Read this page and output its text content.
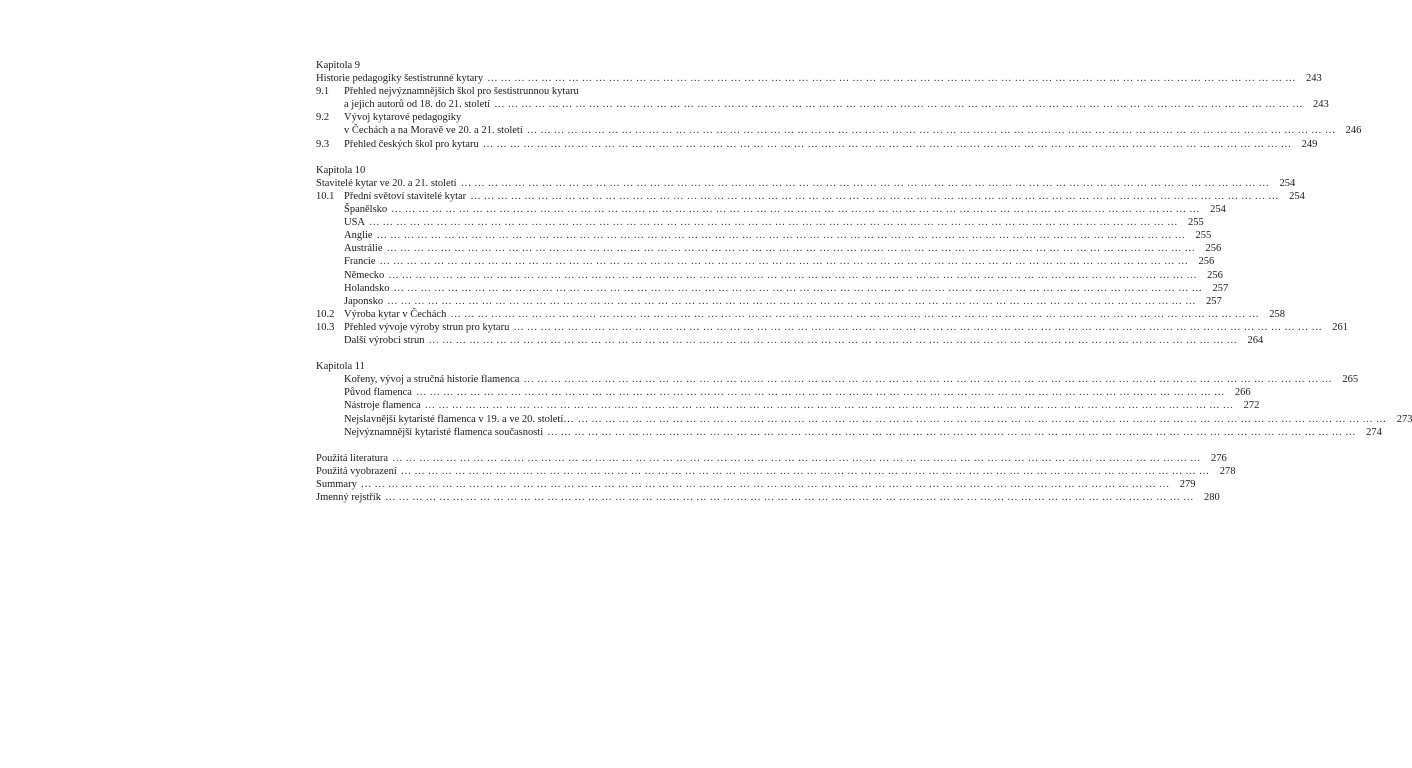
Kapitola 9
Historie pedagogiky šestistrunné kytary … … … … … … … … … … … … … … … … … … … … … … … … … … … … … … … … … … … … … … … … … … … … … … … … … … … … … … … … … … … … 243
9.1 Přehled nejvýznamnějších škol pro šestistrunnou kytaru
a jejich autorů od 18. do 21. století … … … … … … … … … … … … … … … … … … … … … … … … … … … … … … … … … … … … … … … … … … … … … … … … … … … … … … … … … … … … 243
9.2 Vývoj kytarové pedagogiky
v Čechách a na Moravě ve 20. a 21. století … … … … … … … … … … … … … … … … … … … … … … … … … … … … … … … … … … … … … … … … … … … … … … … … … … … … … … … … … … … … 246
9.3 Přehled českých škol pro kytaru … … … … … … … … … … … … … … … … … … … … … … … … … … … … … … … … … … … … … … … … … … … … … … … … … … … … … … … … … … … … 249
Kapitola 10
Stavitelé kytar ve 20. a 21. století … … … … … … … … … … … … … … … … … … … … … … … … … … … … … … … … … … … … … … … … … … … … … … … … … … … … … … … … … … … … 254
10.1 Přední světoví stavitelé kytar … … … … … … … … … … … … … … … … … … … … … … … … … … … … … … … … … … … … … … … … … … … … … … … … … … … … … … … … … … … … 254
Španělsko … … … … … … … … … … … … … … … … … … … … … … … … … … … … … … … … … … … … … … … … … … … … … … … … … … … … … … … … … … … … 254
USA … … … … … … … … … … … … … … … … … … … … … … … … … … … … … … … … … … … … … … … … … … … … … … … … … … … … … … … … … … … … 255
Anglie … … … … … … … … … … … … … … … … … … … … … … … … … … … … … … … … … … … … … … … … … … … … … … … … … … … … … … … … … … … … 255
Austrálie … … … … … … … … … … … … … … … … … … … … … … … … … … … … … … … … … … … … … … … … … … … … … … … … … … … … … … … … … … … … 256
Francie … … … … … … … … … … … … … … … … … … … … … … … … … … … … … … … … … … … … … … … … … … … … … … … … … … … … … … … … … … … … 256
Německo … … … … … … … … … … … … … … … … … … … … … … … … … … … … … … … … … … … … … … … … … … … … … … … … … … … … … … … … … … … … 256
Holandsko … … … … … … … … … … … … … … … … … … … … … … … … … … … … … … … … … … … … … … … … … … … … … … … … … … … … … … … … … … … … 257
Japonsko … … … … … … … … … … … … … … … … … … … … … … … … … … … … … … … … … … … … … … … … … … … … … … … … … … … … … … … … … … … … 257
10.2 Výroba kytar v Čechách … … … … … … … … … … … … … … … … … … … … … … … … … … … … … … … … … … … … … … … … … … … … … … … … … … … … … … … … … … … … 258
10.3 Přehled vývoje výroby strun pro kytaru … … … … … … … … … … … … … … … … … … … … … … … … … … … … … … … … … … … … … … … … … … … … … … … … … … … … … … … … … … … … 261
Další výrobci strun … … … … … … … … … … … … … … … … … … … … … … … … … … … … … … … … … … … … … … … … … … … … … … … … … … … … … … … … … … … … 264
Kapitola 11
Kořeny, vývoj a stručná historie flamenca … … … … … … … … … … … … … … … … … … … … … … … … … … … … … … … … … … … … … … … … … … … … … … … … … … … … … … … … … … … … 265
Původ flamenca … … … … … … … … … … … … … … … … … … … … … … … … … … … … … … … … … … … … … … … … … … … … … … … … … … … … … … … … … … … … 266
Nástroje flamenca … … … … … … … … … … … … … … … … … … … … … … … … … … … … … … … … … … … … … … … … … … … … … … … … … … … … … … … … … … … … 272
Nejslavnější kytaristé flamenca v 19. a ve 20. století… … … … … … … … … … … … … … … … … … … … … … … … … … … … … … … … … … … … … … … … … … … … … … … … … … … … … … … … … … … … … 273
Nejvýznamnější kytaristé flamenca současnosti … … … … … … … … … … … … … … … … … … … … … … … … … … … … … … … … … … … … … … … … … … … … … … … … … … … … … … … … … … … … 274
Použitá literatura … … … … … … … … … … … … … … … … … … … … … … … … … … … … … … … … … … … … … … … … … … … … … … … … … … … … … … … … … … … … 276
Použitá vyobrazení … … … … … … … … … … … … … … … … … … … … … … … … … … … … … … … … … … … … … … … … … … … … … … … … … … … … … … … … … … … … 278
Summary … … … … … … … … … … … … … … … … … … … … … … … … … … … … … … … … … … … … … … … … … … … … … … … … … … … … … … … … … … … … 279
Jmenný rejstřík … … … … … … … … … … … … … … … … … … … … … … … … … … … … … … … … … … … … … … … … … … … … … … … … … … … … … … … … … … … … 280
